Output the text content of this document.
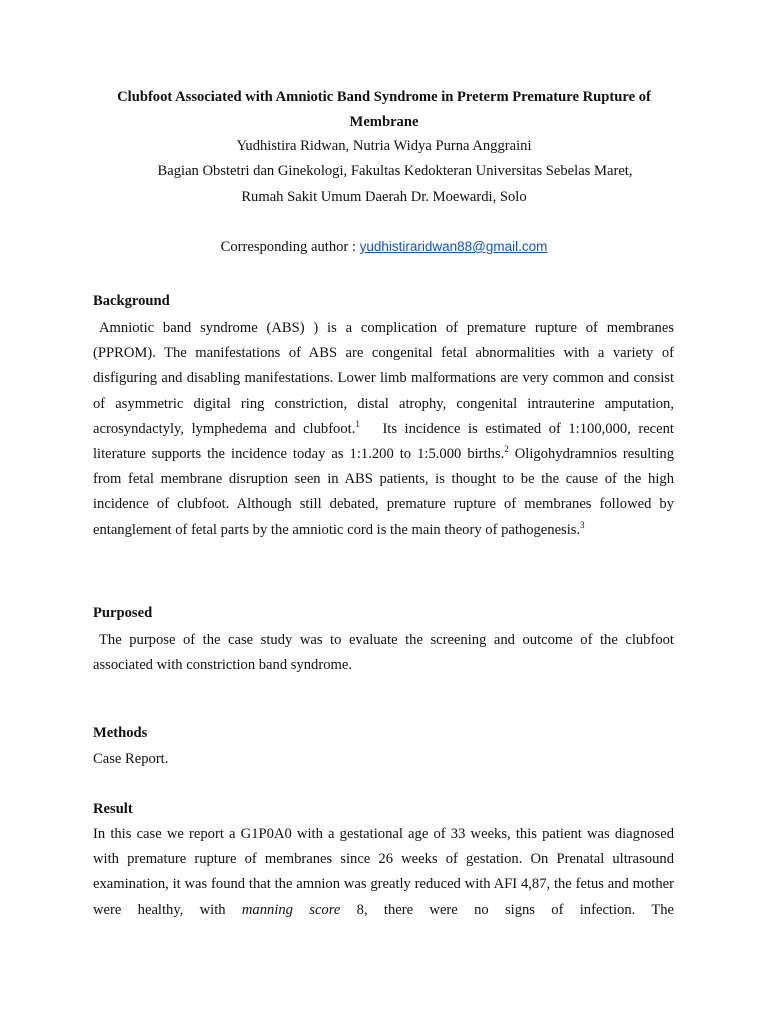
Clubfoot Associated with Amniotic Band Syndrome in Preterm Premature Rupture of
Membrane
Yudhistira Ridwan, Nutria Widya Purna Anggraini
Bagian Obstetri dan Ginekologi, Fakultas Kedokteran Universitas Sebelas Maret,
Rumah Sakit Umum Daerah Dr. Moewardi, Solo
Corresponding author : yudhistiraridwan88@gmail.com
Background

Amniotic band syndrome (ABS) ) is a complication of premature rupture of membranes (PPROM). The manifestations of ABS are congenital fetal abnormalities with a variety of disfiguring and disabling manifestations. Lower limb malformations are very common and consist of asymmetric digital ring constriction, distal atrophy, congenital intrauterine amputation, acrosyndactyly, lymphedema and clubfoot.$^1$ Its incidence is estimated of 1:100,000, recent literature supports the incidence today as 1:1.200 to 1:5.000 births.$^2$ Oligohydramnios resulting from fetal membrane disruption seen in ABS patients, is thought to be the cause of the high incidence of clubfoot. Although still debated, premature rupture of membranes followed by entanglement of fetal parts by the amniotic cord is the main theory of pathogenesis.$^3$

Purposed

The purpose of the case study was to evaluate the screening and outcome of the clubfoot associated with constriction band syndrome.

Methods
Case Report.
Result

In this case we report a G1P0A0 with a gestational age of 33 weeks, this patient was diagnosed with premature rupture of membranes since 26 weeks of gestation. On Prenatal ultrasound examination, it was found that the amnion was greatly reduced with AFI 4,87, the fetus and mother were healthy, with manning score 8, there were no signs of infection. The
